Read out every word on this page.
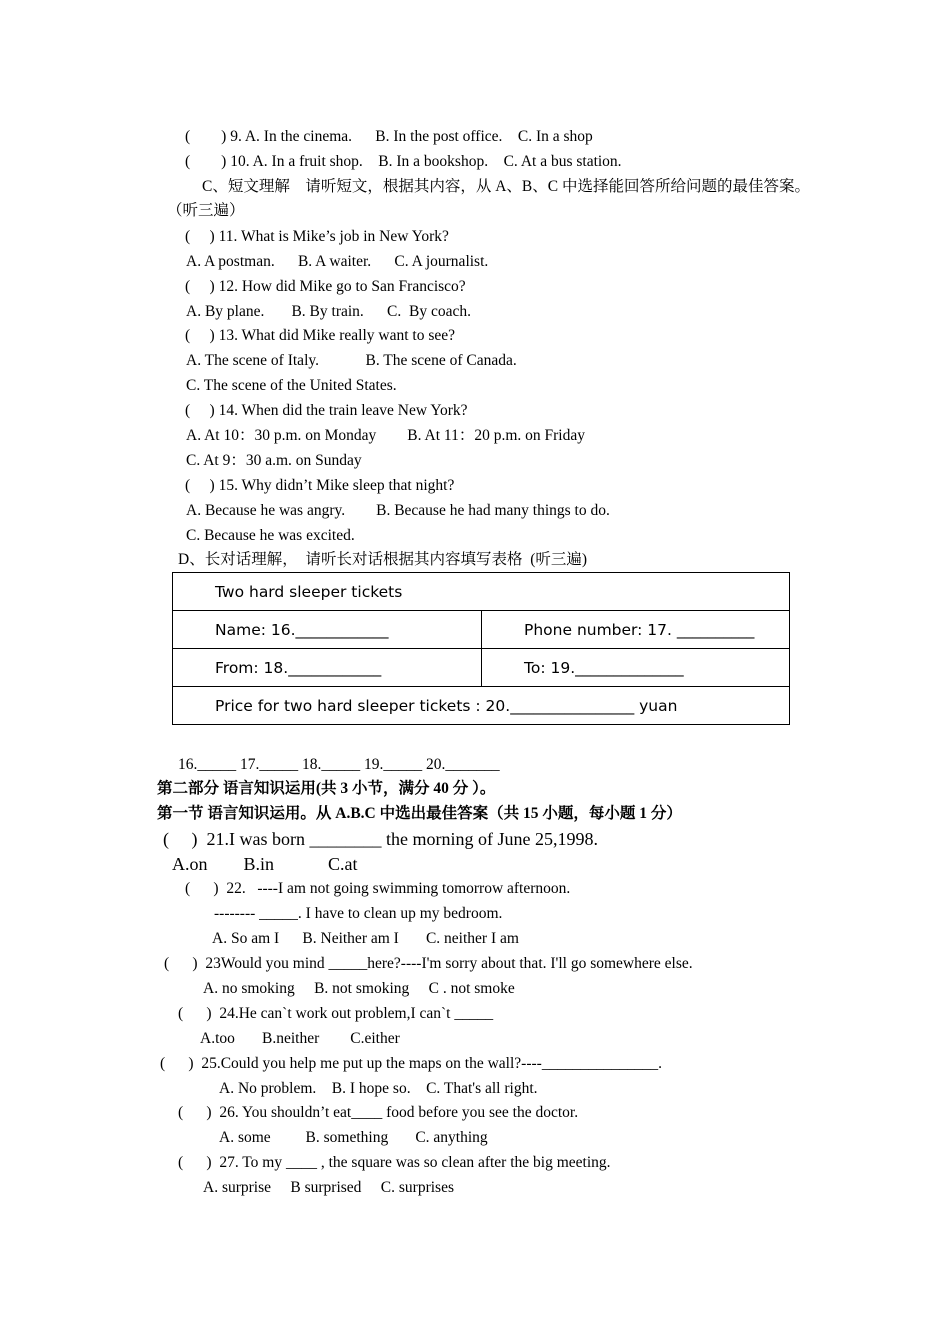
(        ) 9. A. In the cinema.      B. In the post office.    C. In a shop
(        ) 10. A. In a fruit shop.    B. In a bookshop.    C. At a bus station.
C、短文理解    请听短文，根据其内容，从 A、B、C 中选择能回答所给问题的最佳答案。
（听三遍）
(     ) 11. What is Mike’s job in New York?
A. A postman.      B. A waiter.      C. A journalist.
(     ) 12. How did Mike go to San Francisco?
A. By plane.       B. By train.      C.  By coach.
(     ) 13. What did Mike really want to see?
A. The scene of Italy.            B. The scene of Canada.
C. The scene of the United States.
(     ) 14. When did the train leave New York?
A. At 10：30 p.m. on Monday        B. At 11：20 p.m. on Friday
C. At 9：30 a.m. on Sunday
(     ) 15. Why didn’t Mike sleep that night?
A. Because he was angry.        B. Because he had many things to do.
C. Because he was excited.
D、长对话理解，  请听长对话根据其内容填写表格  (听三遍)
Two hard sleeper tickets	
Name: 16.____________	Phone number: 17. __________
From: 18.____________	To: 19.______________
Price for two hard sleeper tickets : 20.________________ yuan	
16._____ 17._____ 18._____ 19._____ 20._______
第二部分 语言知识运用(共 3 小节，满分 40 分 ）。
第一节 语言知识运用。从 A.B.C 中选出最佳答案（共 15 小题，每小题 1 分）
(     )  21.I was born ________ the morning of June 25,1998.
A.on        B.in            C.at
(      )  22.   ----I am not going swimming tomorrow afternoon.
-------- _____. I have to clean up my bedroom.
A. So am I      B. Neither am I       C. neither I am
(      )  23Would you mind _____here?----I'm sorry about that. I'll go somewhere else.
A. no smoking     B. not smoking     C . not smoke
(      )  24.He can`t work out problem,I can`t _____
A.too       B.neither        C.either
(      )  25.Could you help me put up the maps on the wall?----_______________.
A. No problem.    B. I hope so.    C. That's all right.
(      )  26. You shouldn’t eat____ food before you see the doctor.
A. some         B. something       C. anything
(      )  27. To my ____ , the square was so clean after the big meeting.
A. surprise     B surprised     C. surprises
